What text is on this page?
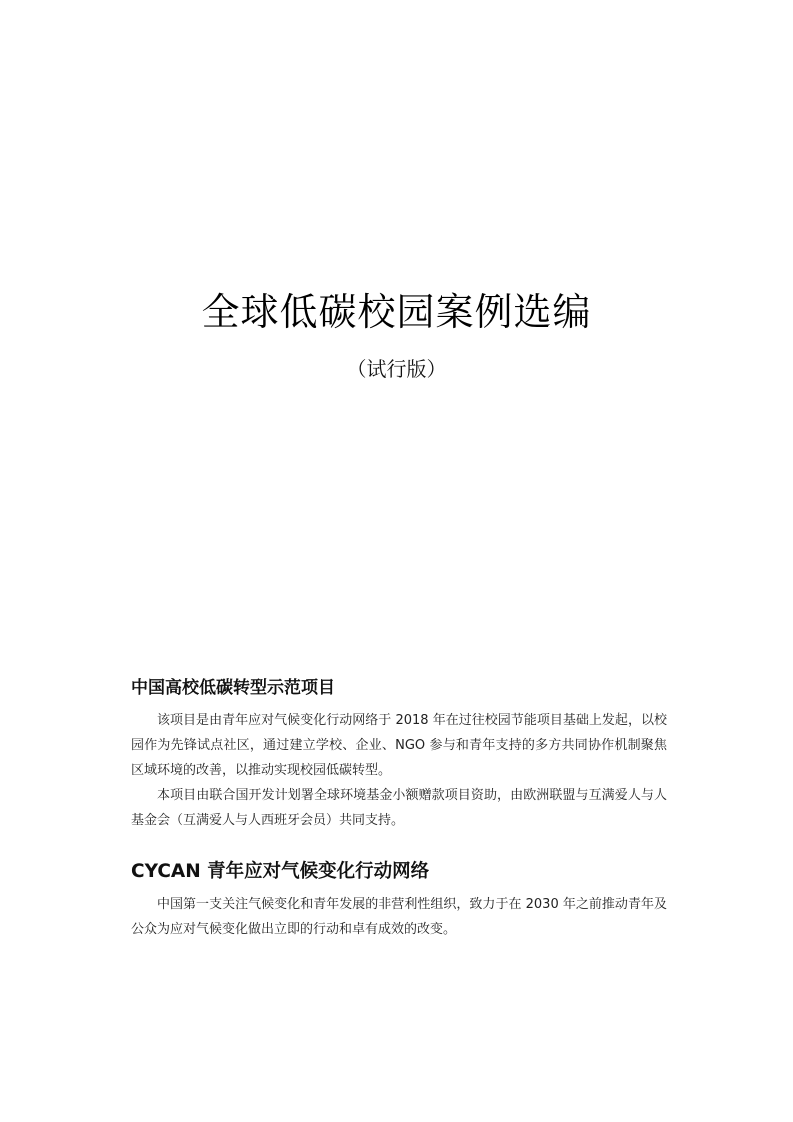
全球低碳校园案例选编

（试行版）

中国高校低碳转型示范项目

该项目是由青年应对气候变化行动网络于 2018 年在过往校园节能项目基础上发起，以校园作为先锋试点社区，通过建立学校、企业、NGO 参与和青年支持的多方共同协作机制聚焦区域环境的改善，以推动实现校园低碳转型。

本项目由联合国开发计划署全球环境基金小额赠款项目资助，由欧洲联盟与互满爱人与人基金会（互满爱人与人西班牙会员）共同支持。

CYCAN 青年应对气候变化行动网络

中国第一支关注气候变化和青年发展的非营利性组织，致力于在 2030 年之前推动青年及公众为应对气候变化做出立即的行动和卓有成效的改变。
